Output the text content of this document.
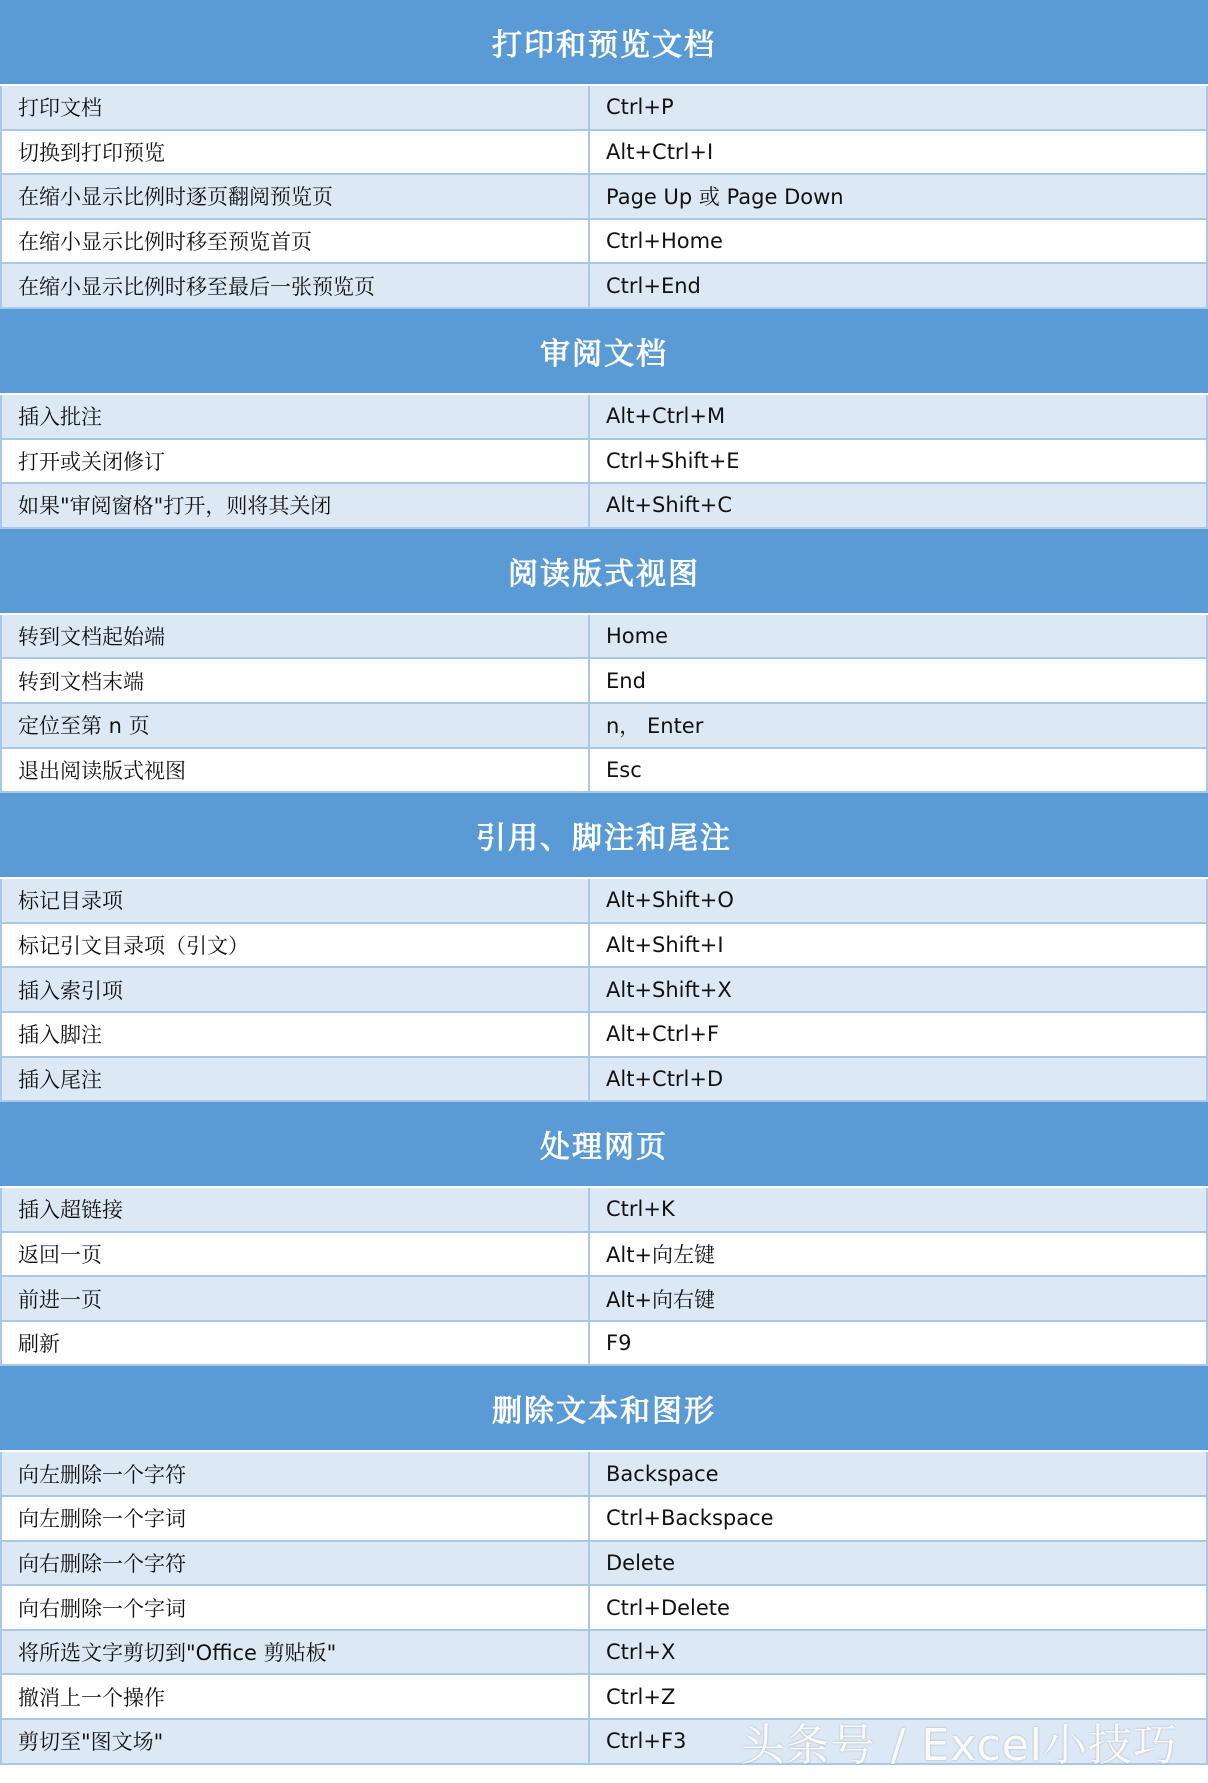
打印和预览文档
打印文档	Ctrl+P
切换到打印预览	Alt+Ctrl+I
在缩小显示比例时逐页翻阅预览页	Page Up 或 Page Down
在缩小显示比例时移至预览首页	Ctrl+Home
在缩小显示比例时移至最后一张预览页	Ctrl+End
审阅文档
插入批注	Alt+Ctrl+M
打开或关闭修订	Ctrl+Shift+E
如果"审阅窗格"打开，则将其关闭	Alt+Shift+C
阅读版式视图
转到文档起始端	Home
转到文档末端	End
定位至第 n 页	n， Enter
退出阅读版式视图	Esc
引用、脚注和尾注
标记目录项	Alt+Shift+O
标记引文目录项（引文）	Alt+Shift+I
插入索引项	Alt+Shift+X
插入脚注	Alt+Ctrl+F
插入尾注	Alt+Ctrl+D
处理网页
插入超链接	Ctrl+K
返回一页	Alt+向左键
前进一页	Alt+向右键
刷新	F9
删除文本和图形
向左删除一个字符	Backspace
向左删除一个字词	Ctrl+Backspace
向右删除一个字符	Delete
向右删除一个字词	Ctrl+Delete
将所选文字剪切到"Office 剪贴板"	Ctrl+X
撤消上一个操作	Ctrl+Z
剪切至"图文场"	Ctrl+F3	头条号 / Excel小技巧
